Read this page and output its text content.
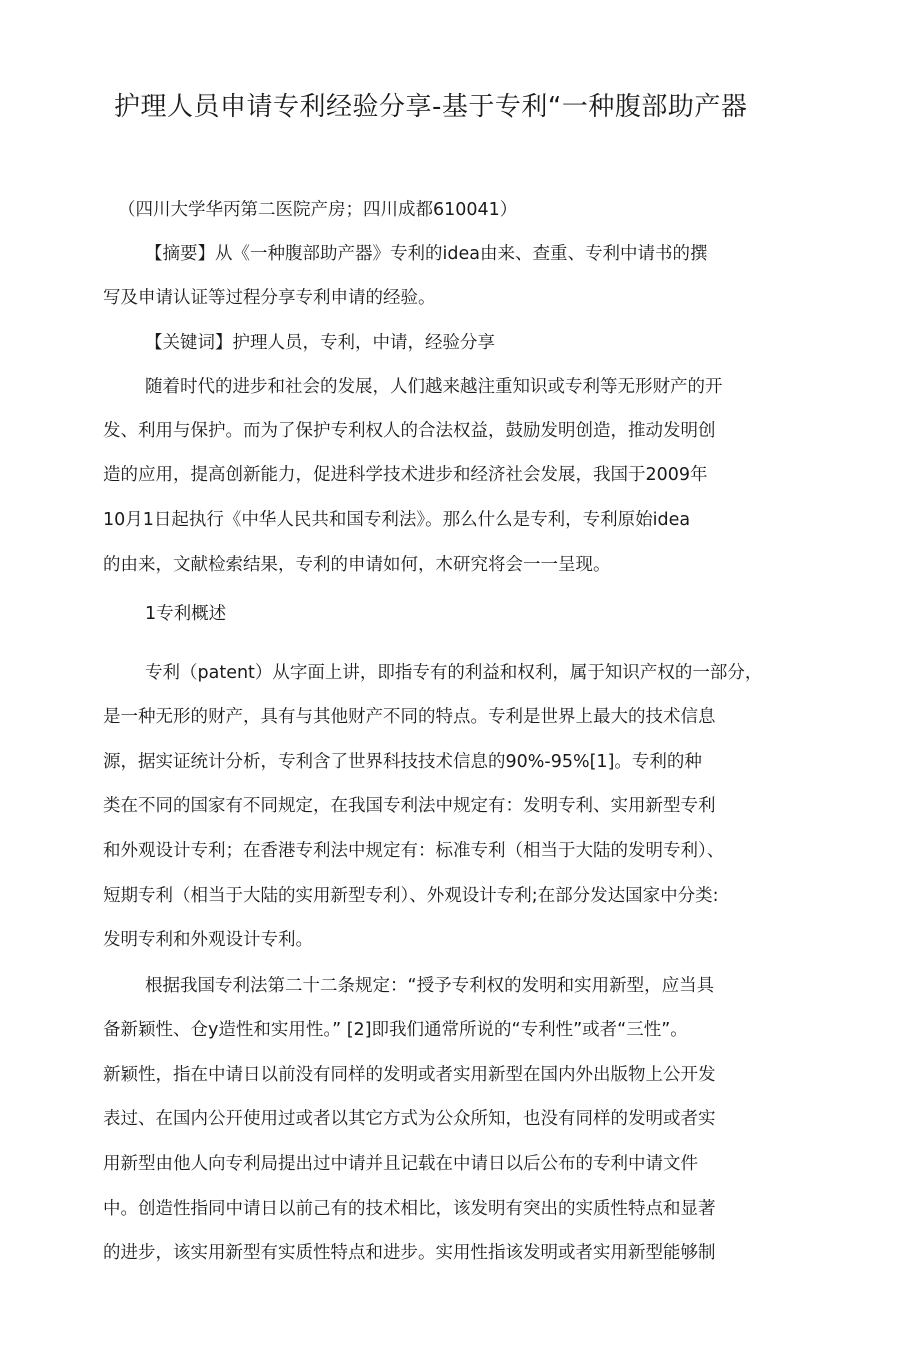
护理人员申请专利经验分享-基于专利“一种腹部助产器
（四川大学华丙第二医院产房；四川成都610041）
【摘要】从《一种腹部助产器》专利的idea由来、查重、专利中请书的撰
写及申请认证等过程分享专利申请的经验。
【关键词】护理人员，专利，中请，经验分享
随着时代的进步和社会的发展，人们越来越注重知识或专利等无形财产的开
发、利用与保护。而为了保护专利权人的合法权益，鼓励发明创造，推动发明创
造的应用，提高创新能力，促进科学技术进步和经济社会发展，我国于2009年
10月1日起执行《中华人民共和国专利法》。那么什么是专利，专利原始idea
的由来，文献检索结果，专利的申请如何，木研究将会一一呈现。
1专利概述
专利（patent）从字面上讲，即指专有的利益和权利，属于知识产权的一部分，
是一种无形的财产，具有与其他财产不同的特点。专利是世界上最大的技术信息
源，据实证统计分析，专利含了世界科技技术信息的90%-95%[1]。专利的种
类在不同的国家有不同规定，在我国专利法中规定有：发明专利、实用新型专利
和外观设计专利；在香港专利法中规定有：标准专利（相当于大陆的发明专利）、
短期专利（相当于大陆的实用新型专利）、外观设计专利;在部分发达国家中分类:
发明专利和外观设计专利。
根据我国专利法第二十二条规定：“授予专利权的发明和实用新型，应当具
备新颖性、仓y造性和实用性。” [2]即我们通常所说的“专利性”或者“三性”。
新颖性，指在中请日以前没有同样的发明或者实用新型在国内外出版物上公开发
表过、在国内公幵使用过或者以其它方式为公众所知，也没有同样的发明或者实
用新型由他人向专利局提出过中请并且记载在中请日以后公布的专利中请文件
中。创造性指同中请日以前己有的技术相比，该发明有突出的实质性特点和显著
的进步，该实用新型有实质性特点和进步。实用性指该发明或者实用新型能够制
